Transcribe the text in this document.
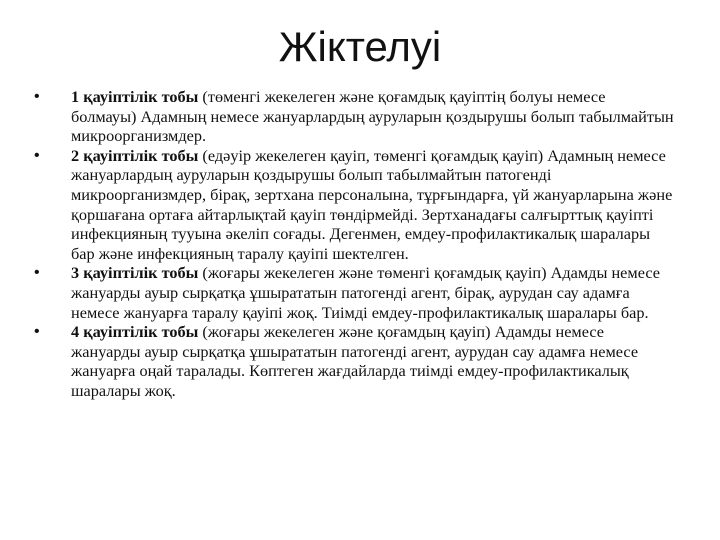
Жіктелуі
•	1 қауіптілік тобы (төменгі жекелеген және қоғамдық қауіптің болуы немесе болмауы) Адамның немесе жануарлардың ауруларын қоздырушы болып табылмайтын микроорганизмдер.
•	2 қауіптілік тобы (едәуір жекелеген қауіп, төменгі қоғамдық қауіп) Адамның немесе жануарлардың ауруларын қоздырушы болып табылмайтын патогенді микроорганизмдер, бірақ, зертхана персоналына, тұрғындарға, үй жануарларына және қоршағана ортаға айтарлықтай қауіп төндірмейді. Зертханадағы салғырттық қауіпті инфекцияның тууына әкеліп соғады. Дегенмен, емдеу-профилактикалық шаралары бар және инфекцияның таралу қауіпі шектелген.
•	3 қауіптілік тобы (жоғары жекелеген және төменгі қоғамдық қауіп) Адамды немесе жануарды ауыр сырқатқа ұшырататын патогенді агент, бірақ, аурудан сау адамға немесе жануарға таралу қауіпі жоқ. Тиімді емдеу-профилактикалық шаралары бар.
•	4 қауіптілік тобы (жоғары жекелеген және қоғамдың қауіп) Адамды немесе жануарды ауыр сырқатқа ұшырататын патогенді агент, аурудан сау адамға немесе жануарға оңай таралады. Көптеген жағдайларда тиімді емдеу-профилактикалық шаралары жоқ.
